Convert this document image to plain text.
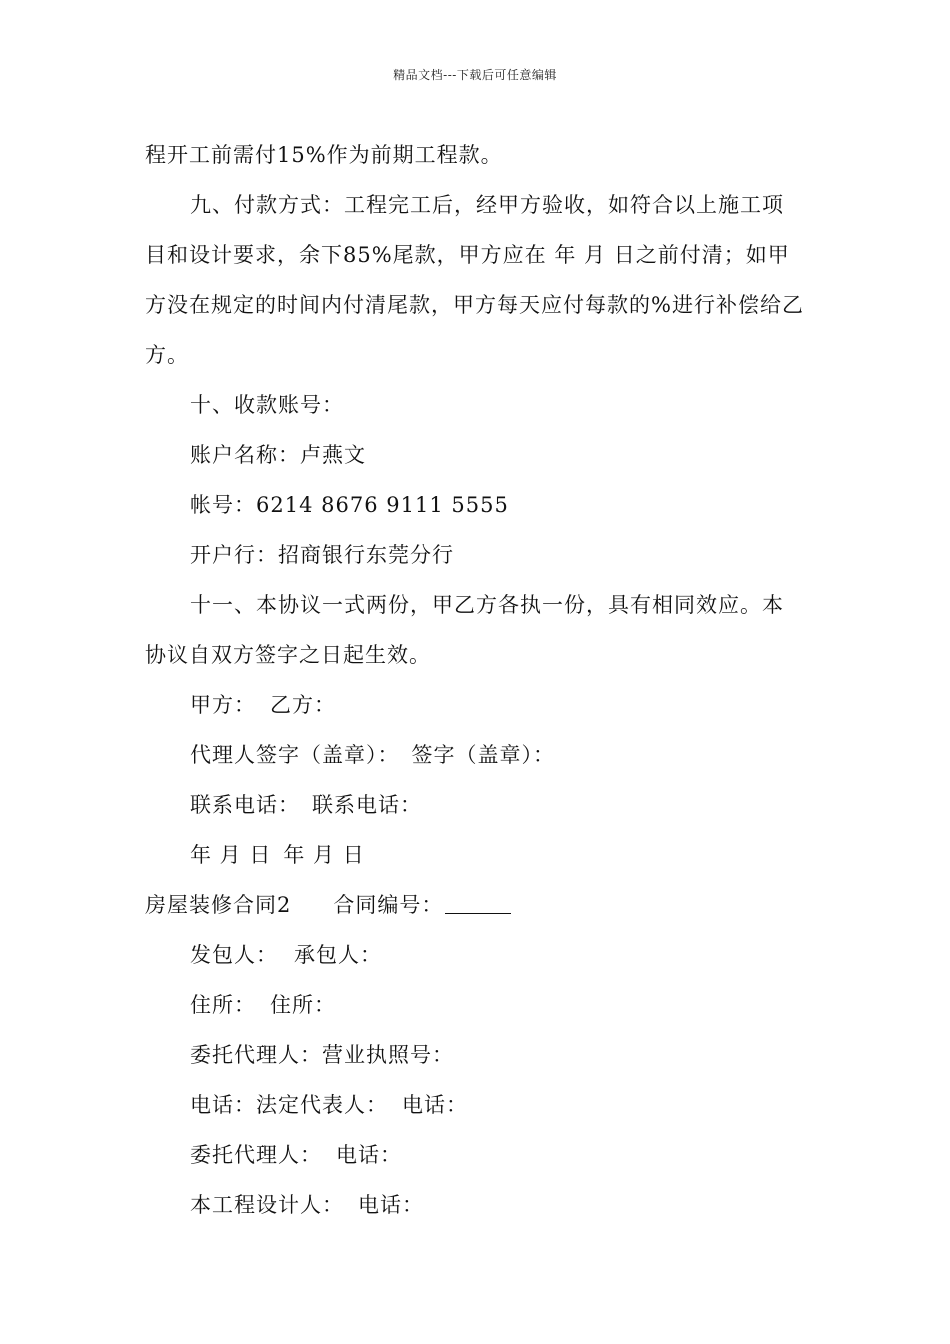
精品文档---下载后可任意编辑
程开工前需付15%作为前期工程款。
九、付款方式：工程完工后，经甲方验收，如符合以上施工项
目和设计要求，余下85%尾款，甲方应在 年 月 日之前付清；如甲
方没在规定的时间内付清尾款，甲方每天应付每款的%进行补偿给乙
方。
十、收款账号：
账户名称：卢燕文
帐号：6214 8676 9111 5555
开户行：招商银行东莞分行
十一、本协议一式两份，甲乙方各执一份，具有相同效应。本
协议自双方签字之日起生效。
甲方： 乙方：
代理人签字（盖章）： 签字（盖章）：
联系电话： 联系电话：
年 月 日 年 月 日
房屋装修合同2 合同编号：
发包人： 承包人：
住所： 住所：
委托代理人：营业执照号：
电话：法定代表人： 电话：
委托代理人： 电话：
本工程设计人： 电话：
